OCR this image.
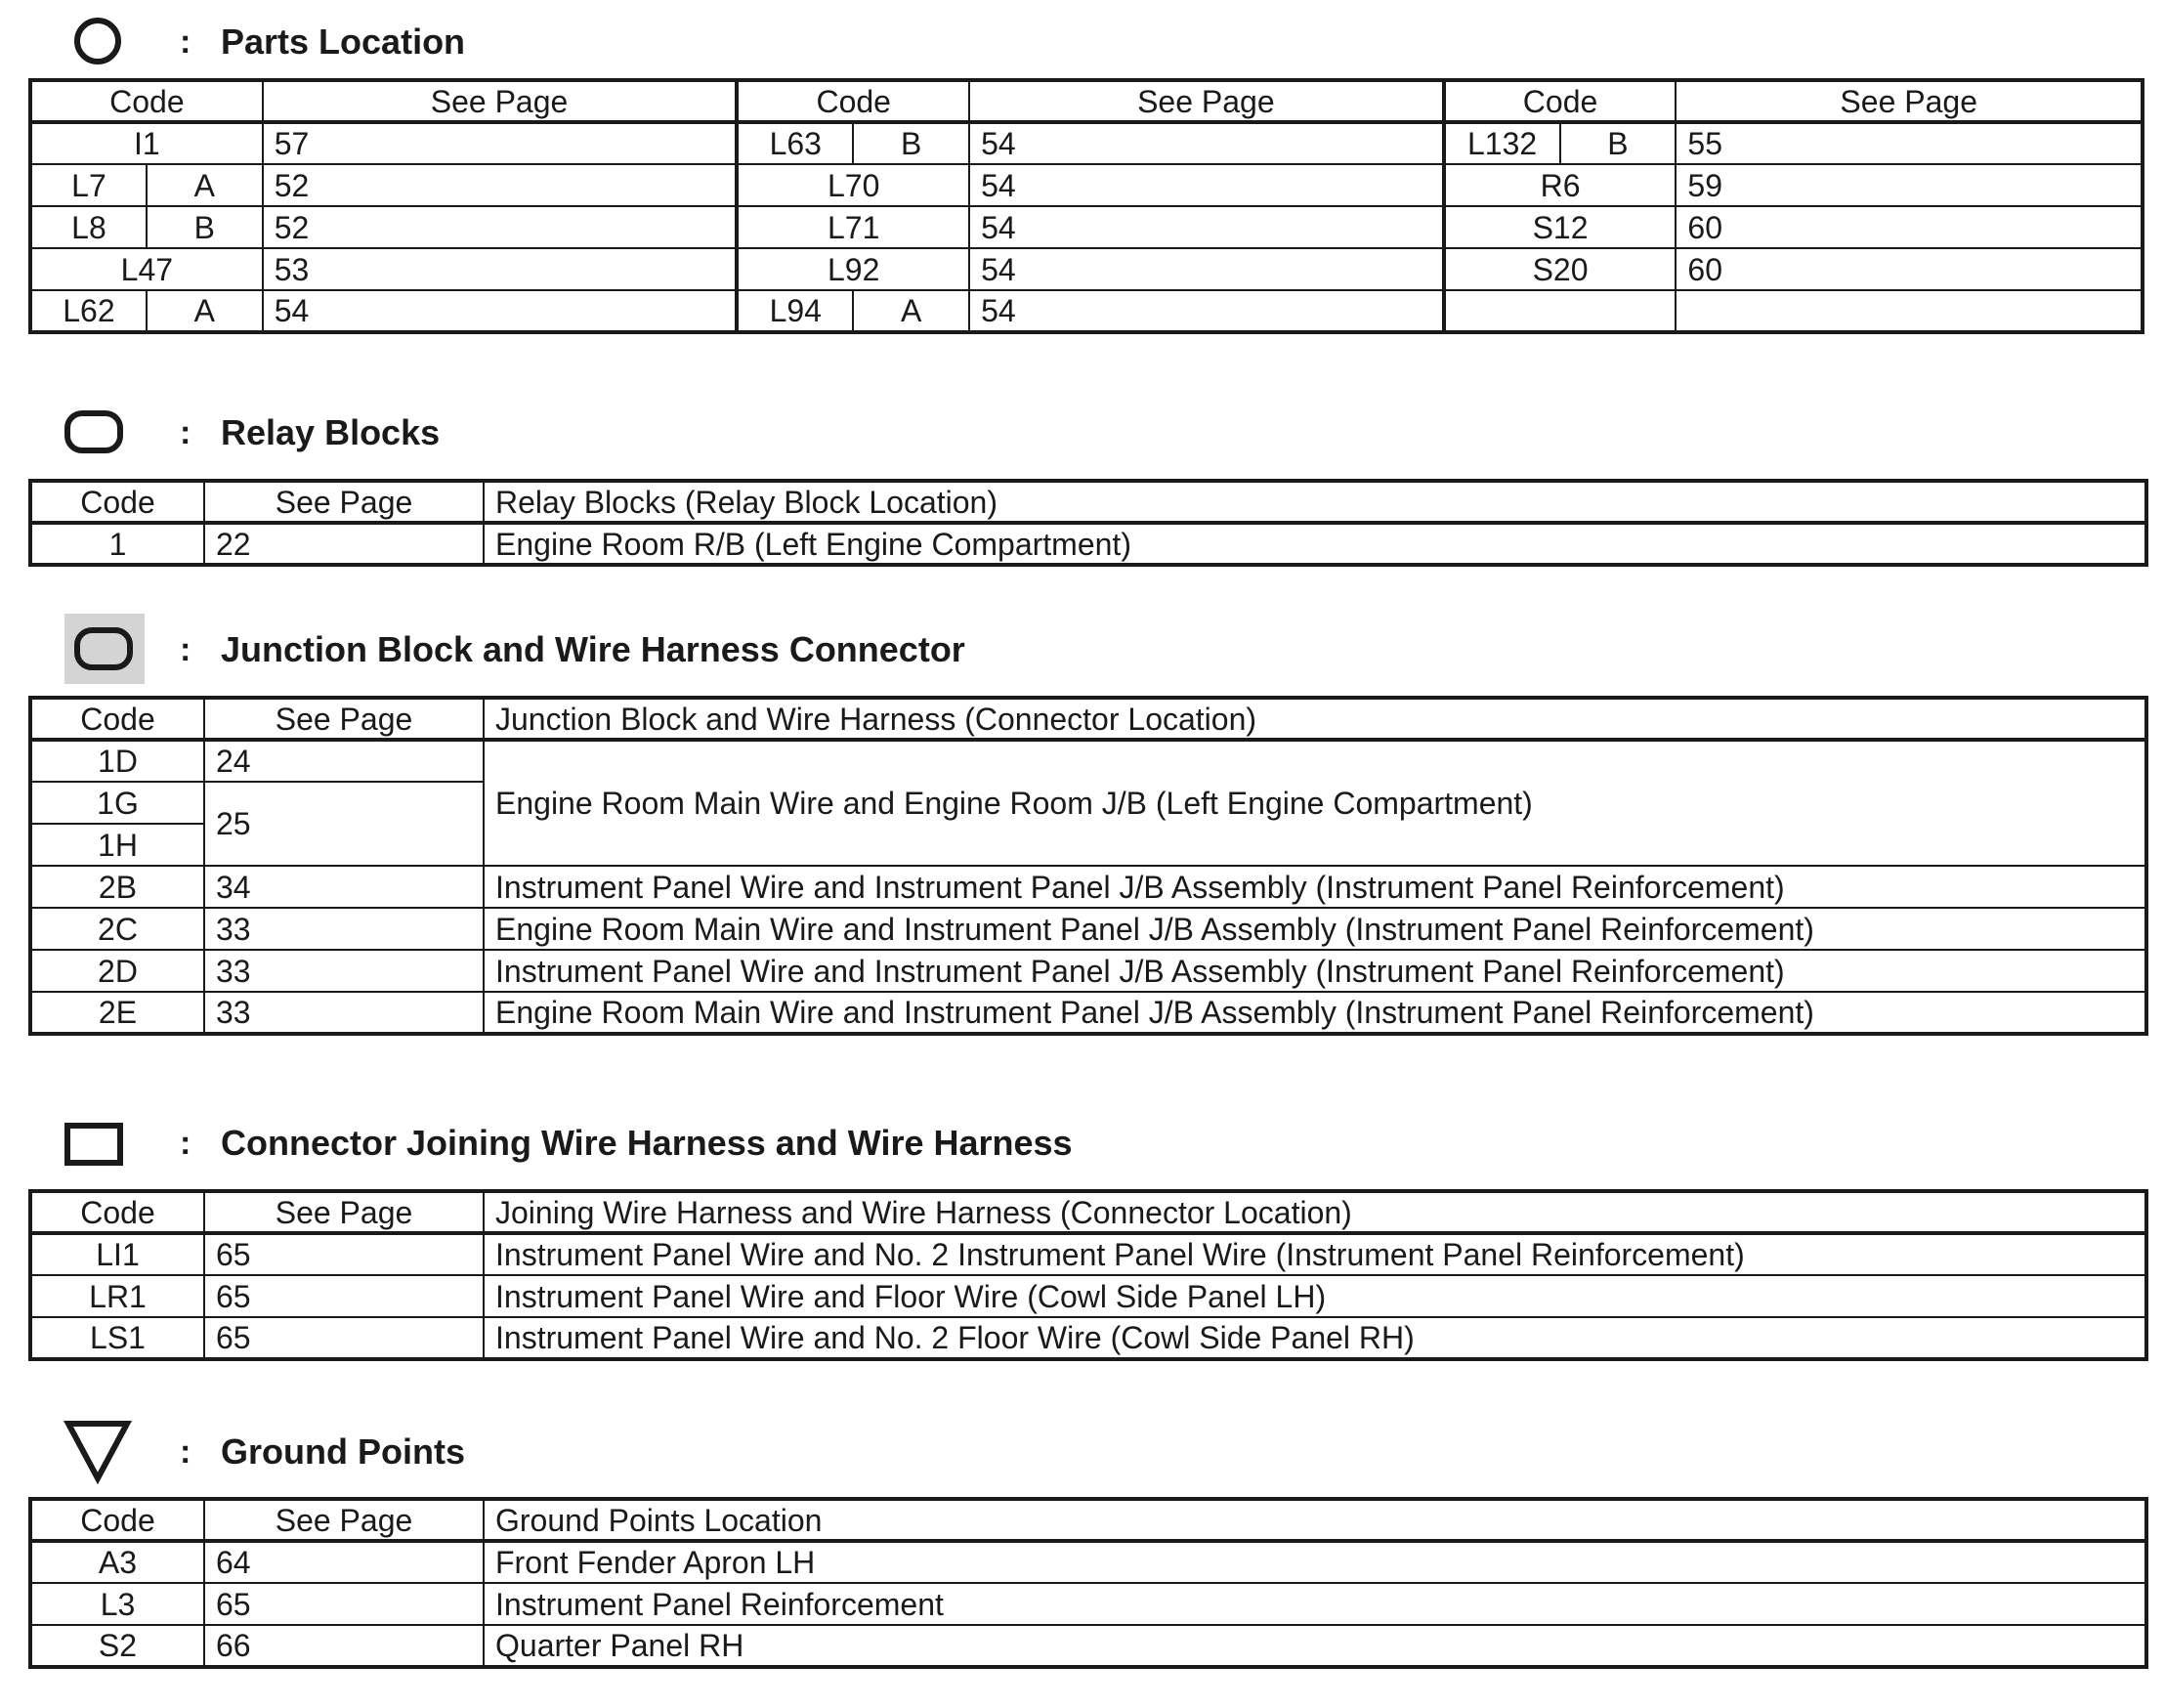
: Parts Location
Code		See Page	Code		See Page	Code		See Page
I1		57	L63	B	54	L132	B	55
L7	A	52	L70		54	R6		59
L8	B	52	L71		54	S12		60
L47		53	L92		54	S20		60
L62	A	54	L94	A	54			
: Relay Blocks
Code	See Page	Relay Blocks (Relay Block Location)
1	22	Engine Room R/B (Left Engine Compartment)
: Junction Block and Wire Harness Connector
Code	See Page	Junction Block and Wire Harness (Connector Location)
1D	24	Engine Room Main Wire and Engine Room J/B (Left Engine Compartment)
1G	25	
1H		
2B	34	Instrument Panel Wire and Instrument Panel J/B Assembly (Instrument Panel Reinforcement)
2C	33	Engine Room Main Wire and Instrument Panel J/B Assembly (Instrument Panel Reinforcement)
2D	33	Instrument Panel Wire and Instrument Panel J/B Assembly (Instrument Panel Reinforcement)
2E	33	Engine Room Main Wire and Instrument Panel J/B Assembly (Instrument Panel Reinforcement)
: Connector Joining Wire Harness and Wire Harness
Code	See Page	Joining Wire Harness and Wire Harness (Connector Location)
LI1	65	Instrument Panel Wire and No. 2 Instrument Panel Wire (Instrument Panel Reinforcement)
LR1	65	Instrument Panel Wire and Floor Wire (Cowl Side Panel LH)
LS1	65	Instrument Panel Wire and No. 2 Floor Wire (Cowl Side Panel RH)
: Ground Points
Code	See Page	Ground Points Location
A3	64	Front Fender Apron LH
L3	65	Instrument Panel Reinforcement
S2	66	Quarter Panel RH
